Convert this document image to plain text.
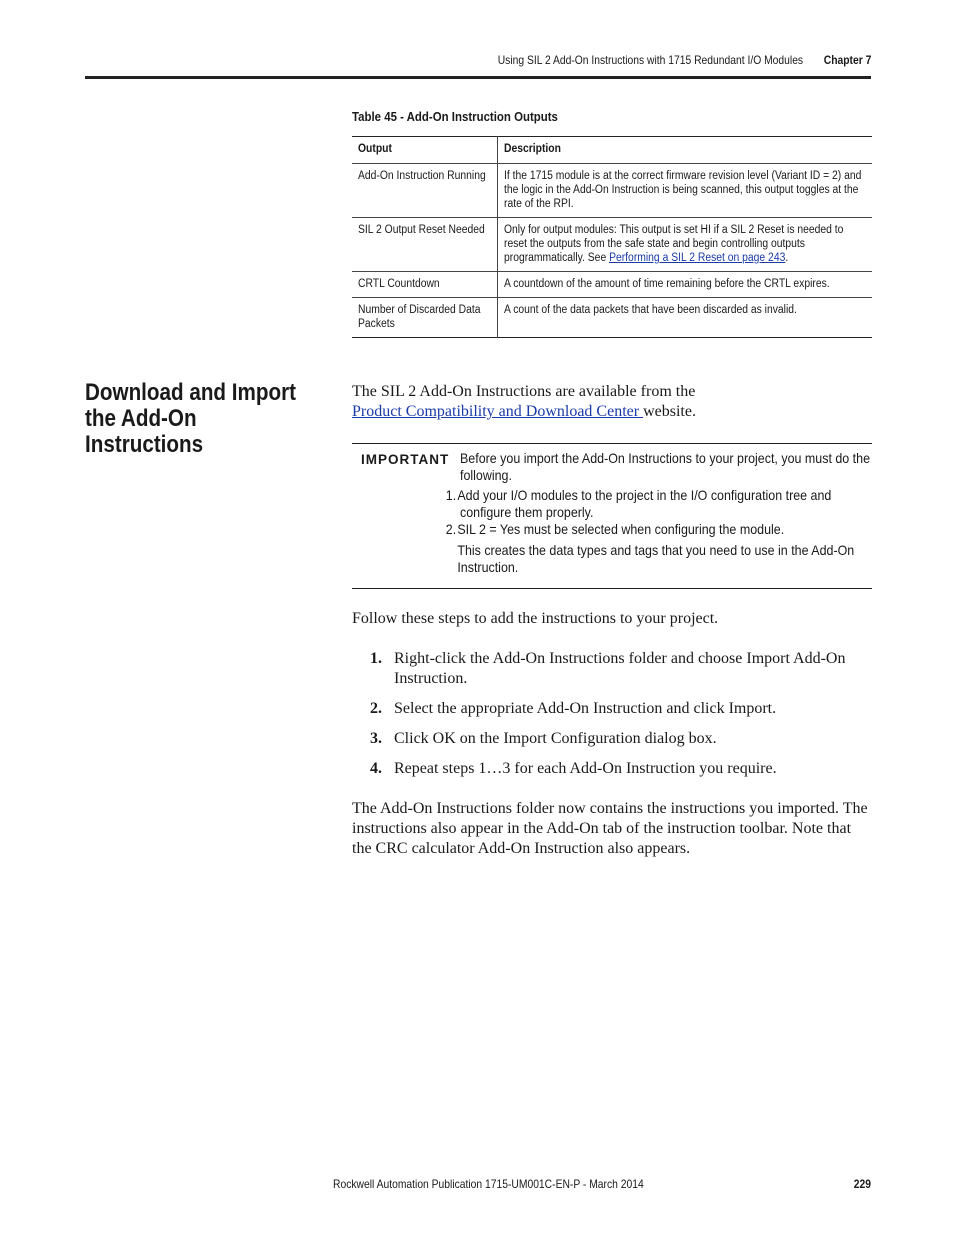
Using SIL 2 Add-On Instructions with 1715 Redundant I/O Modules Chapter 7
Table 45 - Add-On Instruction Outputs
Output	Description

Add-On Instruction Running	If the 1715 module is at the correct firmware revision level (Variant ID = 2) and the logic in the Add-On Instruction is being scanned, this output toggles at the rate of the RPI.

SIL 2 Output Reset Needed	Only for output modules: This output is set HI if a SIL 2 Reset is needed to reset the outputs from the safe state and begin controlling outputs programmatically. See Performing a SIL 2 Reset on page 243.

CRTL Countdown	A countdown of the amount of time remaining before the CRTL expires.

Number of Discarded Data Packets	A count of the data packets that have been discarded as invalid.
Download and Import the Add-On Instructions
The SIL 2 Add-On Instructions are available from the
Product Compatibility and Download Center website.
IMPORTANT Before you import the Add-On Instructions to your project, you must do the following.
1. Add your I/O modules to the project in the I/O configuration tree and configure them properly.
2. SIL 2 = Yes must be selected when configuring the module.
This creates the data types and tags that you need to use in the Add-On Instruction.
Follow these steps to add the instructions to your project.
1. Right-click the Add-On Instructions folder and choose Import Add-On Instruction.
2. Select the appropriate Add-On Instruction and click Import.
3. Click OK on the Import Configuration dialog box.
4. Repeat steps 1…3 for each Add-On Instruction you require.
The Add-On Instructions folder now contains the instructions you imported. The instructions also appear in the Add-On tab of the instruction toolbar. Note that the CRC calculator Add-On Instruction also appears.
Rockwell Automation Publication 1715-UM001C-EN-P - March 2014	229
